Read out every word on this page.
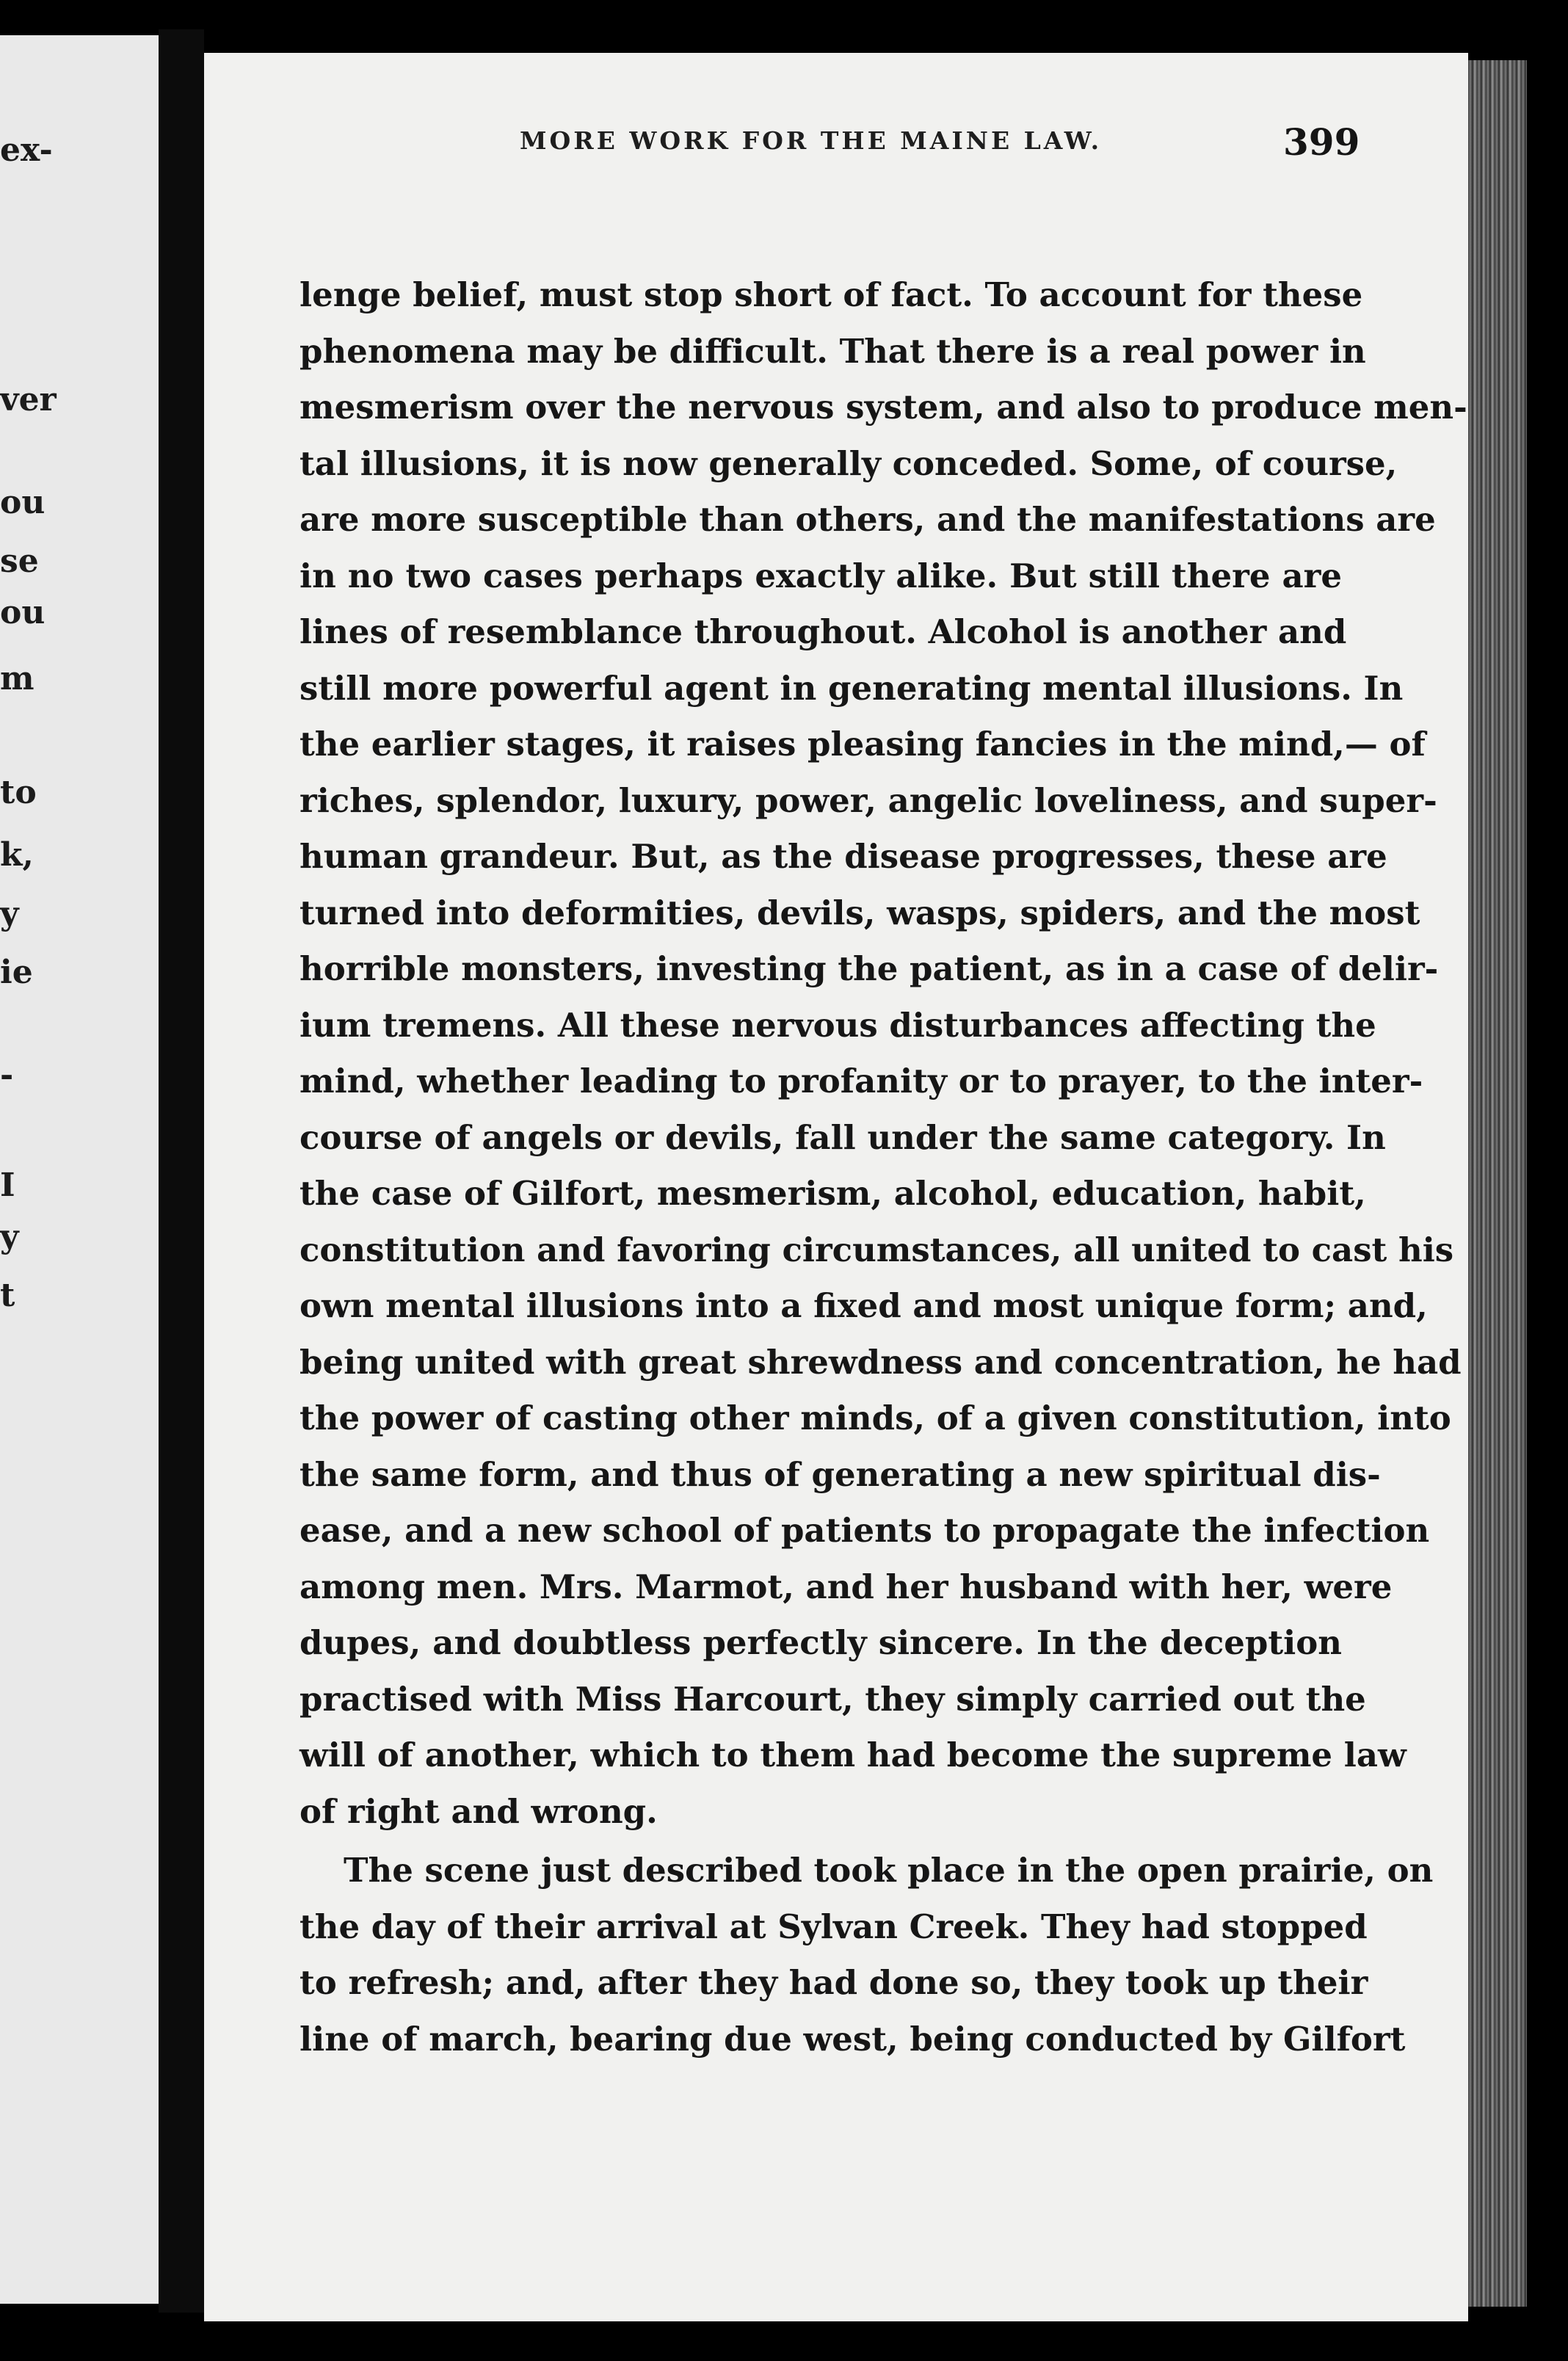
ex-
ver
ou
se
ou
m
to
k,
y
ie
-
I
y
t
MORE WORK FOR THE MAINE LAW.	399
lenge belief, must stop short of fact. To account for these
phenomena may be difficult. That there is a real power in
mesmerism over the nervous system, and also to produce men-
tal illusions, it is now generally conceded. Some, of course,
are more susceptible than others, and the manifestations are
in no two cases perhaps exactly alike. But still there are
lines of resemblance throughout. Alcohol is another and
still more powerful agent in generating mental illusions. In
the earlier stages, it raises pleasing fancies in the mind,— of
riches, splendor, luxury, power, angelic loveliness, and super-
human grandeur. But, as the disease progresses, these are
turned into deformities, devils, wasps, spiders, and the most
horrible monsters, investing the patient, as in a case of delir-
ium tremens. All these nervous disturbances affecting the
mind, whether leading to profanity or to prayer, to the inter-
course of angels or devils, fall under the same category. In
the case of Gilfort, mesmerism, alcohol, education, habit,
constitution and favoring circumstances, all united to cast his
own mental illusions into a fixed and most unique form; and,
being united with great shrewdness and concentration, he had
the power of casting other minds, of a given constitution, into
the same form, and thus of generating a new spiritual dis-
ease, and a new school of patients to propagate the infection
among men. Mrs. Marmot, and her husband with her, were
dupes, and doubtless perfectly sincere. In the deception
practised with Miss Harcourt, they simply carried out the
will of another, which to them had become the supreme law
of right and wrong.
The scene just described took place in the open prairie, on
the day of their arrival at Sylvan Creek. They had stopped
to refresh; and, after they had done so, they took up their
line of march, bearing due west, being conducted by Gilfort
